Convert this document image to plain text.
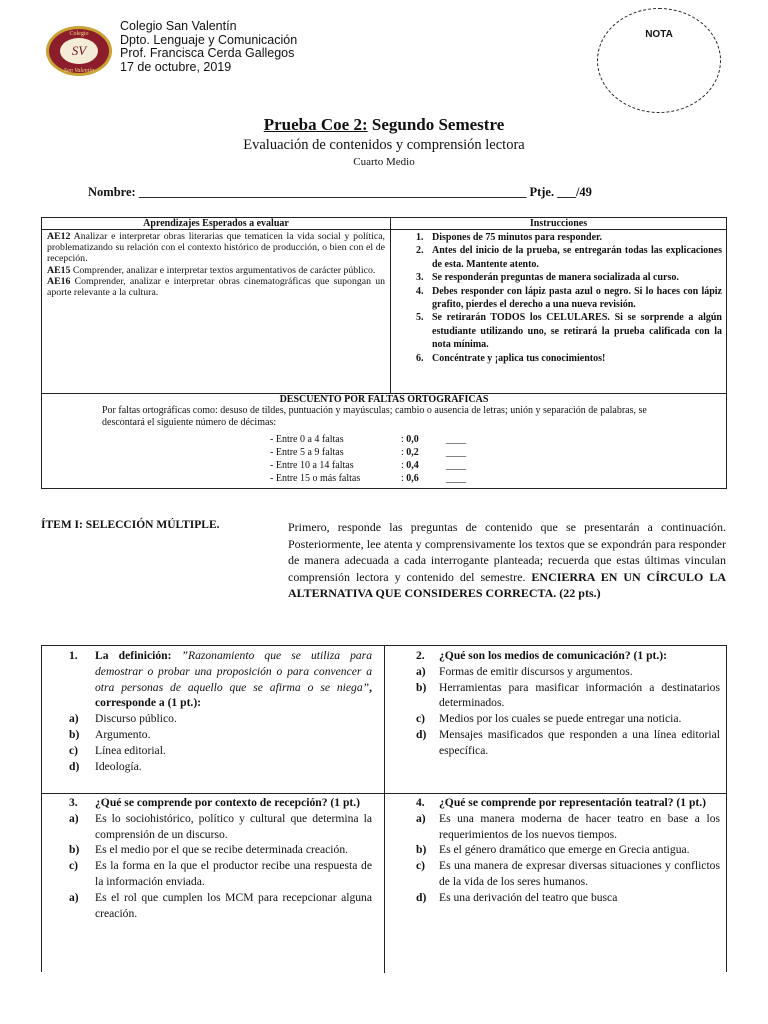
Colegio
SV
San Valentín
Colegio San Valentín
Dpto. Lenguaje y Comunicación
Prof. Francisca Cerda Gallegos
17 de octubre, 2019
NOTA
Prueba Coe 2: Segundo Semestre
Evaluación de contenidos y comprensión lectora
Cuarto Medio
Nombre: ______________________________________________________________ Ptje. ___/49
Aprendizajes Esperados a evaluar	Instrucciones

AE12 Analizar e interpretar obras literarias que tematicen la vida social y política, problematizando su relación con el contexto histórico de producción, o bien con el de recepción.

AE15 Comprender, analizar e interpretar textos argumentativos de carácter público.

AE16 Comprender, analizar e interpretar obras cinematográficas que supongan un aporte relevante a la cultura.

1. Dispones de 75 minutos para responder.
2. Antes del inicio de la prueba, se entregarán todas las explicaciones de esta. Mantente atento.
3. Se responderán preguntas de manera socializada al curso.
4. Debes responder con lápiz pasta azul o negro. Si lo haces con lápiz grafito, pierdes el derecho a una nueva revisión.
5. Se retirarán TODOS los CELULARES. Si se sorprende a algún estudiante utilizando uno, se retirará la prueba calificada con la nota mínima.
6. Concéntrate y ¡aplica tus conocimientos!
DESCUENTO POR FALTAS ORTOGRÁFICAS
Por faltas ortográficas como: desuso de tildes, puntuación y mayúsculas; cambio o ausencia de letras; unión y separación de palabras, se descontará el siguiente número de décimas:
- Entre 0 a 4 faltas	: 0,0	____
- Entre 5 a 9 faltas	: 0,2	____
- Entre 10 a 14 faltas	: 0,4	____
- Entre 15 o más faltas	: 0,6	____
ÍTEM I: SELECCIÓN MÚLTIPLE.	Primero, responde las preguntas de contenido que se presentarán a continuación. Posteriormente, lee atenta y comprensivamente los textos que se expondrán para responder de manera adecuada a cada interrogante planteada; recuerda que estas últimas vinculan comprensión lectora y contenido del semestre. ENCIERRA EN UN CÍRCULO LA ALTERNATIVA QUE CONSIDERES CORRECTA. (22 pts.)
1. La definición: ”Razonamiento que se utiliza para demostrar o probar una proposición o para convencer a otra personas de aquello que se afirma o se niega”, corresponde a (1 pt.):
a) Discurso público.
b) Argumento.
c) Línea editorial.
d) Ideología.
2. ¿Qué son los medios de comunicación? (1 pt.):
a) Formas de emitir discursos y argumentos.
b) Herramientas para masificar información a destinatarios determinados.
c) Medios por los cuales se puede entregar una noticia.
d) Mensajes masificados que responden a una línea editorial específica.
3. ¿Qué se comprende por contexto de recepción? (1 pt.)
a) Es lo sociohistórico, político y cultural que determina la comprensión de un discurso.
b) Es el medio por el que se recibe determinada creación.
c) Es la forma en la que el productor recibe una respuesta de la información enviada.
a) Es el rol que cumplen los MCM para recepcionar alguna creación.
4. ¿Qué se comprende por representación teatral? (1 pt.)
a) Es una manera moderna de hacer teatro en base a los requerimientos de los nuevos tiempos.
b) Es el género dramático que emerge en Grecia antigua.
c) Es una manera de expresar diversas situaciones y conflictos de la vida de los seres humanos.
d) Es una derivación del teatro que busca
